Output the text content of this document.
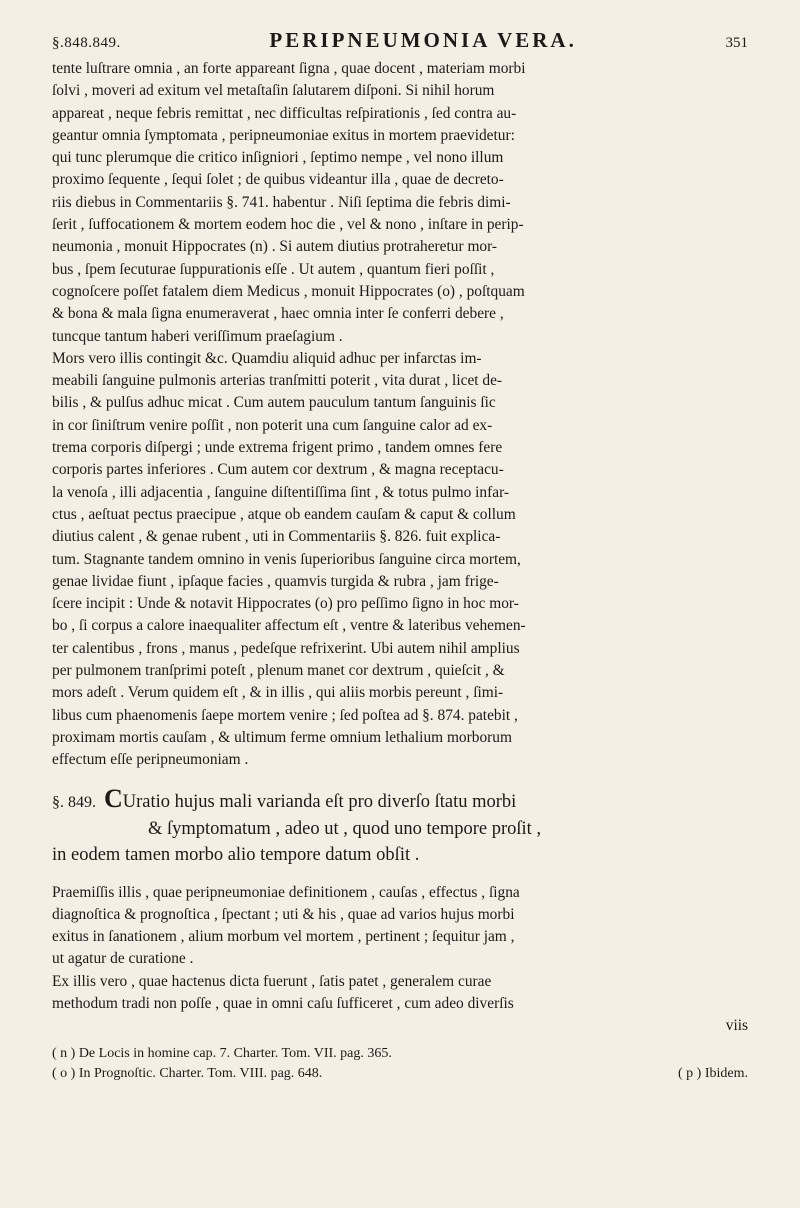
§.848.849.	PERIPNEUMONIA VERA.	351

tente luſtrare omnia , an forte appareant ſigna , quae docent , materiam morbi
ſolvi , moveri ad exitum vel metaſtaſin ſalutarem diſponi. Si nihil horum
appareat , neque febris remittat , nec difficultas reſpirationis , ſed contra au-
geantur omnia ſymptomata , peripneumoniae exitus in mortem praevidetur:
qui tunc plerumque die critico inſigniori , ſeptimo nempe , vel nono illum
proximo ſequente , ſequi ſolet ; de quibus videantur illa , quae de decreto-
riis diebus in Commentariis §. 741. habentur . Niſi ſeptima die febris dimi-
ſerit , ſuffocationem & mortem eodem hoc die , vel & nono , inſtare in perip-
neumonia , monuit Hippocrates (n) . Si autem diutius protraheretur mor-
bus , ſpem ſecuturae ſuppurationis eſſe . Ut autem , quantum fieri poſſit ,
cognoſcere poſſet fatalem diem Medicus , monuit Hippocrates (o) , poſtquam
& bona & mala ſigna enumeraverat , haec omnia inter ſe conferri debere ,
tuncque tantum haberi veriſſimum praeſagium .

Mors vero illis contingit &c. Quamdiu aliquid adhuc per infarctas im-
meabili ſanguine pulmonis arterias tranſmitti poterit , vita durat , licet de-
bilis , & pulſus adhuc micat . Cum autem pauculum tantum ſanguinis ſic
in cor ſiniſtrum venire poſſit , non poterit una cum ſanguine calor ad ex-
trema corporis diſpergi ; unde extrema frigent primo , tandem omnes fere
corporis partes inferiores . Cum autem cor dextrum , & magna receptacu-
la venoſa , illi adjacentia , ſanguine diſtentiſſima ſint , & totus pulmo infar-
ctus , aeſtuat pectus praecipue , atque ob eandem cauſam & caput & collum
diutius calent , & genae rubent , uti in Commentariis §. 826. fuit explica-
tum. Stagnante tandem omnino in venis ſuperioribus ſanguine circa mortem,
genae lividae fiunt , ipſaque facies , quamvis turgida & rubra , jam frige-
ſcere incipit : Unde & notavit Hippocrates (o) pro peſſimo ſigno in hoc mor-
bo , ſi corpus a calore inaequaliter affectum eſt , ventre & lateribus vehemen-
ter calentibus , frons , manus , pedeſque refrixerint. Ubi autem nihil amplius
per pulmonem tranſprimi poteſt , plenum manet cor dextrum , quieſcit , &
mors adeſt . Verum quidem eſt , & in illis , qui aliis morbis pereunt , ſimi-
libus cum phaenomenis ſaepe mortem venire ; ſed poſtea ad §. 874. patebit ,
proximam mortis cauſam , & ultimum ferme omnium lethalium morborum
effectum eſſe peripneumoniam .

§. 849. CUratio hujus mali varianda eſt pro diverſo ſtatu morbi
& ſymptomatum , adeo ut , quod uno tempore proſit ,
in eodem tamen morbo alio tempore datum obſit .

Praemiſſis illis , quae peripneumoniae definitionem , cauſas , effectus , ſigna
diagnoſtica & prognoſtica , ſpectant ; uti & his , quae ad varios hujus morbi
exitus in ſanationem , alium morbum vel mortem , pertinent ; ſequitur jam ,
ut agatur de curatione .
Ex illis vero , quae hactenus dicta fuerunt , ſatis patet , generalem curae
methodum tradi non poſſe , quae in omni caſu ſufficeret , cum adeo diverſis
viis

( n ) De Locis in homine cap. 7. Charter. Tom. VII. pag. 365.
( o ) In Prognoſtic. Charter. Tom. VIII. pag. 648.	( p ) Ibidem.
